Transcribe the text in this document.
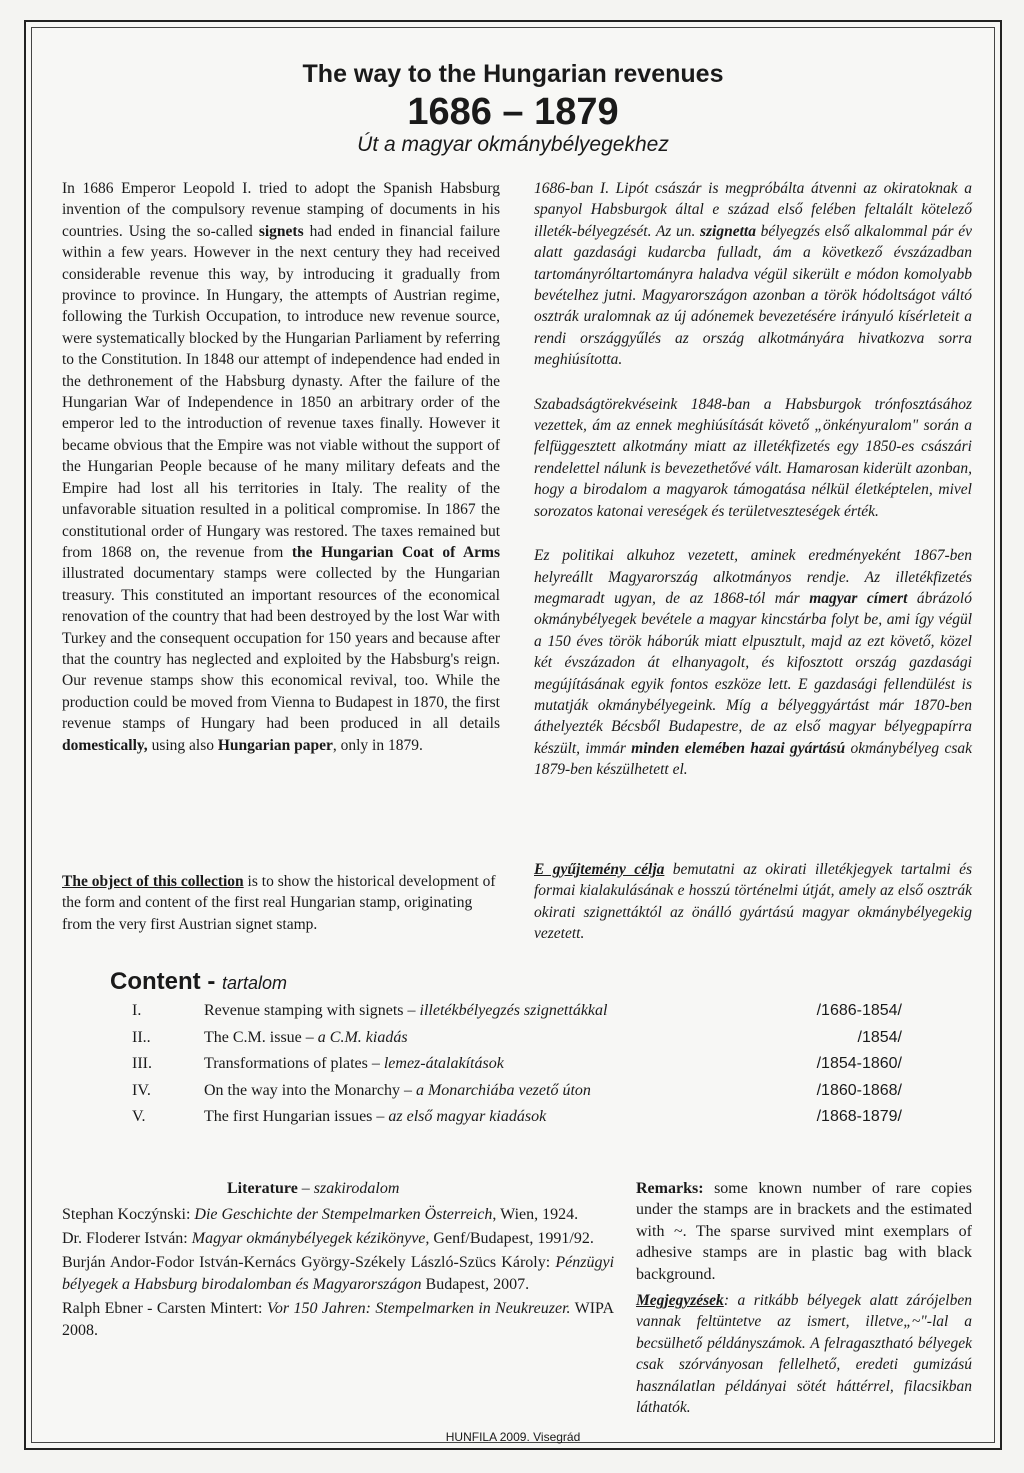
The way to the Hungarian revenues
1686 – 1879
Út a magyar okmánybélyegekhez

In 1686 Emperor Leopold I. tried to adopt the Spanish Habsburg invention of the compulsory revenue stamping of documents in his countries. Using the so-called signets had ended in financial failure within a few years. However in the next century they had received considerable revenue this way, by introducing it gradually from province to province. In Hungary, the attempts of Austrian regime, following the Turkish Occupation, to introduce new revenue source, were systematically blocked by the Hungarian Parliament by referring to the Constitution. In 1848 our attempt of independence had ended in the dethronement of the Habsburg dynasty. After the failure of the Hungarian War of Independence in 1850 an arbitrary order of the emperor led to the introduction of revenue taxes finally. However it became obvious that the Empire was not viable without the support of the Hungarian People because of he many military defeats and the Empire had lost all his territories in Italy. The reality of the unfavorable situation resulted in a political compromise. In 1867 the constitutional order of Hungary was restored. The taxes remained but from 1868 on, the revenue from the Hungarian Coat of Arms illustrated documentary stamps were collected by the Hungarian treasury. This constituted an important resources of the economical renovation of the country that had been destroyed by the lost War with Turkey and the consequent occupation for 150 years and because after that the country has neglected and exploited by the Habsburg's reign. Our revenue stamps show this economical revival, too. While the production could be moved from Vienna to Budapest in 1870, the first revenue stamps of Hungary had been produced in all details domestically, using also Hungarian paper, only in 1879.

1686-ban I. Lipót császár is megpróbálta átvenni az okiratoknak a spanyol Habsburgok által e század első felében feltalált kötelező illeték-bélyegzését. Az un. szignetta bélyegzés első alkalommal pár év alatt gazdasági kudarcba fulladt, ám a következő évszázadban tartományróltartományra haladva végül sikerült e módon komolyabb bevételhez jutni. Magyarországon azonban a török hódoltságot váltó osztrák uralomnak az új adónemek bevezetésére irányuló kísérleteit a rendi országgyűlés az ország alkotmányára hivatkozva sorra meghiúsította.

Szabadságtörekvéseink 1848-ban a Habsburgok trónfosztásához vezettek, ám az ennek meghiúsítását követő „önkényuralom" során a felfüggesztett alkotmány miatt az illetékfizetés egy 1850-es császári rendelettel nálunk is bevezethetővé vált. Hamarosan kiderült azonban, hogy a birodalom a magyarok támogatása nélkül életképtelen, mivel sorozatos katonai vereségek és területveszteségek érték.

Ez politikai alkuhoz vezetett, aminek eredményeként 1867-ben helyreállt Magyarország alkotmányos rendje. Az illetékfizetés megmaradt ugyan, de az 1868-tól már magyar címert ábrázoló okmánybélyegek bevétele a magyar kincstárba folyt be, ami így végül a 150 éves török háborúk miatt elpusztult, majd az ezt követő, közel két évszázadon át elhanyagolt, és kifosztott ország gazdasági megújításának egyik fontos eszköze lett. E gazdasági fellendülést is mutatják okmánybélyegeink. Míg a bélyeggyártást már 1870-ben áthelyezték Bécsből Budapestre, de az első magyar bélyegpapírra készült, immár minden elemében hazai gyártású okmánybélyeg csak 1879-ben készülhetett el.

The object of this collection is to show the historical development of the form and content of the first real Hungarian stamp, originating from the very first Austrian signet stamp.
E gyűjtemény célja bemutatni az okirati illetékjegyek tartalmi és formai kialakulásának e hosszú történelmi útját, amely az első osztrák okirati szignettáktól az önálló gyártású magyar okmánybélyegekig vezetett.
Content - tartalom
I.	Revenue stamping with signets – illetékbélyegzés szignettákkal	/1686-1854/
II..	The C.M. issue – a C.M. kiadás	/1854/
III.	Transformations of plates – lemez-átalakítások	/1854-1860/
IV.	On the way into the Monarchy – a Monarchiába vezető úton	/1860-1868/
V.	The first Hungarian issues – az első magyar kiadások	/1868-1879/
Literature – szakirodalom
Stephan Koczýnski: Die Geschichte der Stempelmarken Österreich, Wien, 1924.
Dr. Floderer István: Magyar okmánybélyegek kézikönyve, Genf/Budapest, 1991/92.
Burján Andor-Fodor István-Kernács György-Székely László-Szücs Károly: Pénzügyi bélyegek a Habsburg birodalomban és Magyarországon Budapest, 2007.
Ralph Ebner - Carsten Mintert: Vor 150 Jahren: Stempelmarken in Neukreuzer. WIPA 2008.
Remarks: some known number of rare copies under the stamps are in brackets and the estimated with ~. The sparse survived mint exemplars of adhesive stamps are in plastic bag with black background.
Megjegyzések: a ritkább bélyegek alatt zárójelben vannak feltüntetve az ismert, illetve„~"-lal a becsülhető példányszámok. A felragasztható bélyegek csak szórványosan fellelhető, eredeti gumizású használatlan példányai sötét háttérrel, filacsikban láthatók.
HUNFILA 2009. Visegrád
